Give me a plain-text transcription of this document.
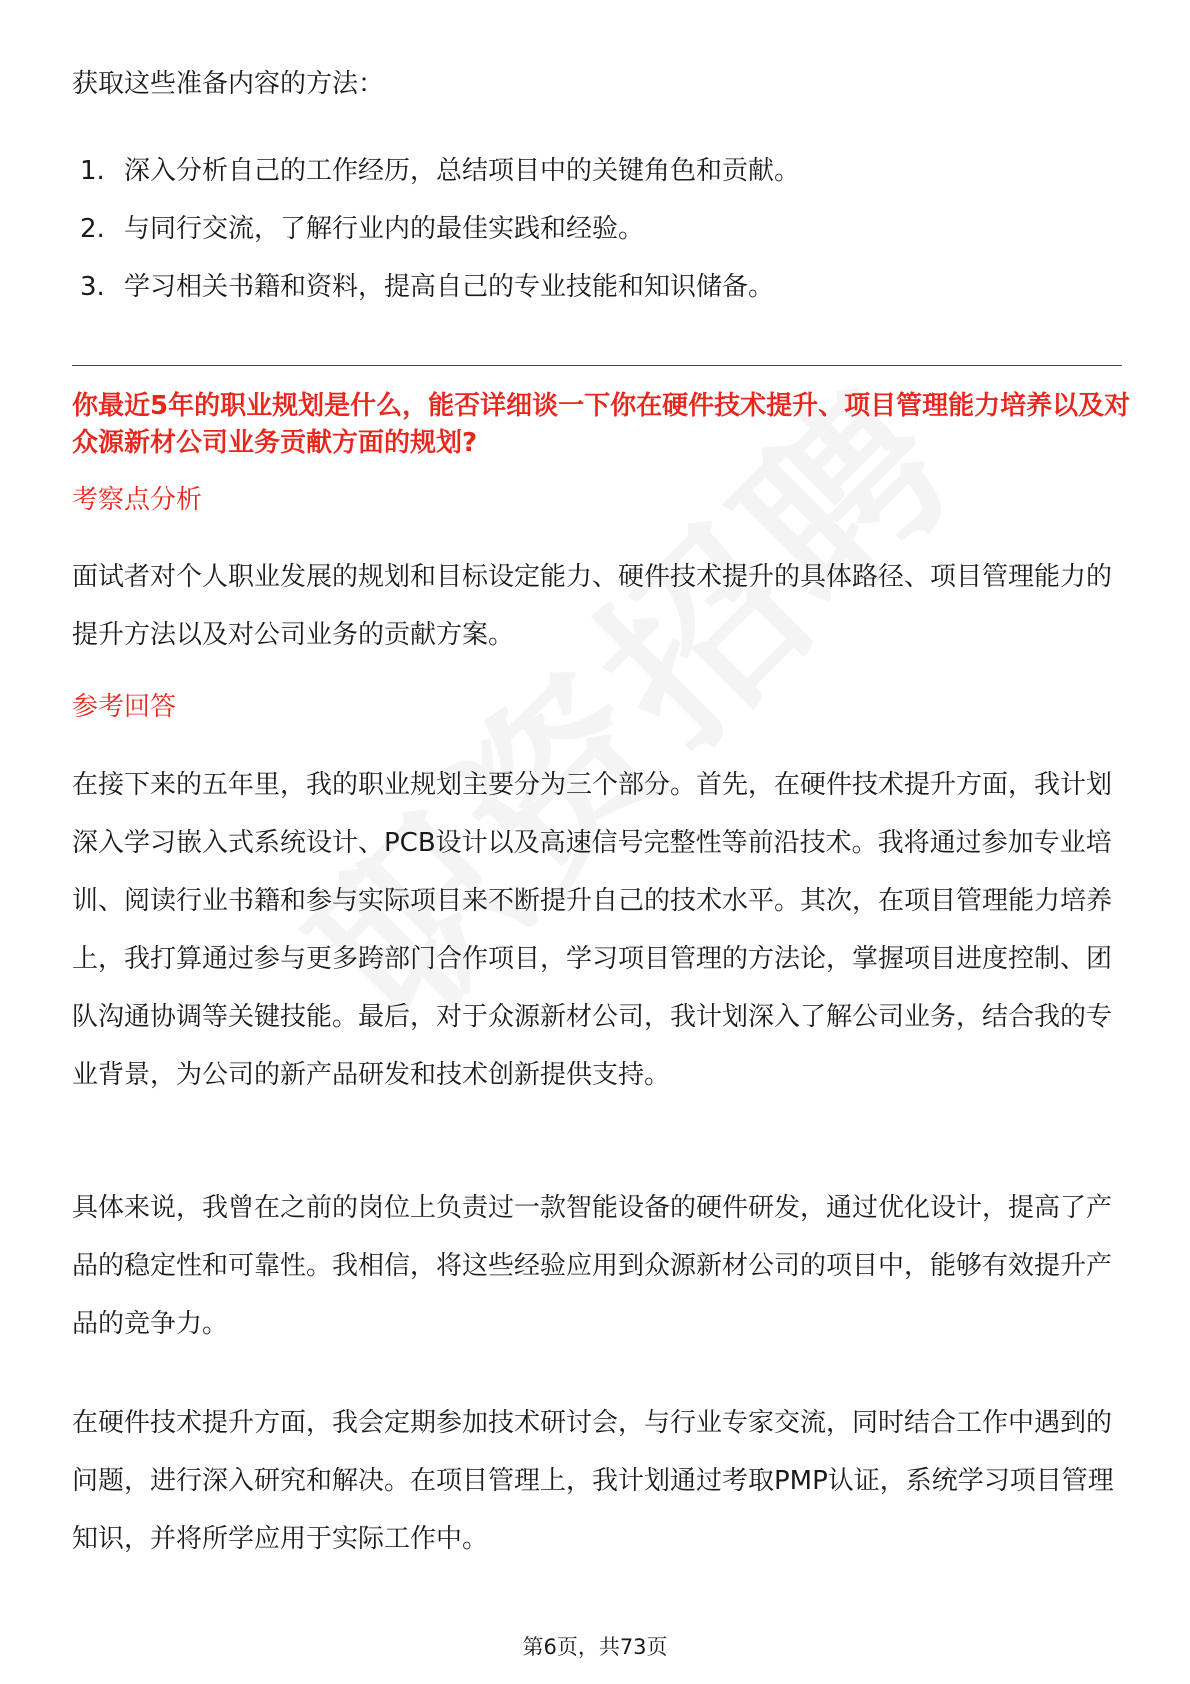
获取这些准备内容的方法：

1. 深入分析自己的工作经历，总结项目中的关键角色和贡献。
2. 与同行交流，了解行业内的最佳实践和经验。
3. 学习相关书籍和资料，提高自己的专业技能和知识储备。

你最近5年的职业规划是什么，能否详细谈一下你在硬件技术提升、项目管理能力培养以及对众源新材公司业务贡献方面的规划?

考察点分析

面试者对个人职业发展的规划和目标设定能力、硬件技术提升的具体路径、项目管理能力的提升方法以及对公司业务的贡献方案。

参考回答

在接下来的五年里，我的职业规划主要分为三个部分。首先，在硬件技术提升方面，我计划深入学习嵌入式系统设计、PCB设计以及高速信号完整性等前沿技术。我将通过参加专业培训、阅读行业书籍和参与实际项目来不断提升自己的技术水平。其次，在项目管理能力培养上，我打算通过参与更多跨部门合作项目，学习项目管理的方法论，掌握项目进度控制、团队沟通协调等关键技能。最后，对于众源新材公司，我计划深入了解公司业务，结合我的专业背景，为公司的新产品研发和技术创新提供支持。

具体来说，我曾在之前的岗位上负责过一款智能设备的硬件研发，通过优化设计，提高了产品的稳定性和可靠性。我相信，将这些经验应用到众源新材公司的项目中，能够有效提升产品的竞争力。

在硬件技术提升方面，我会定期参加技术研讨会，与行业专家交流，同时结合工作中遇到的问题，进行深入研究和解决。在项目管理上，我计划通过考取PMP认证，系统学习项目管理知识，并将所学应用于实际工作中。

第6页，共73页
